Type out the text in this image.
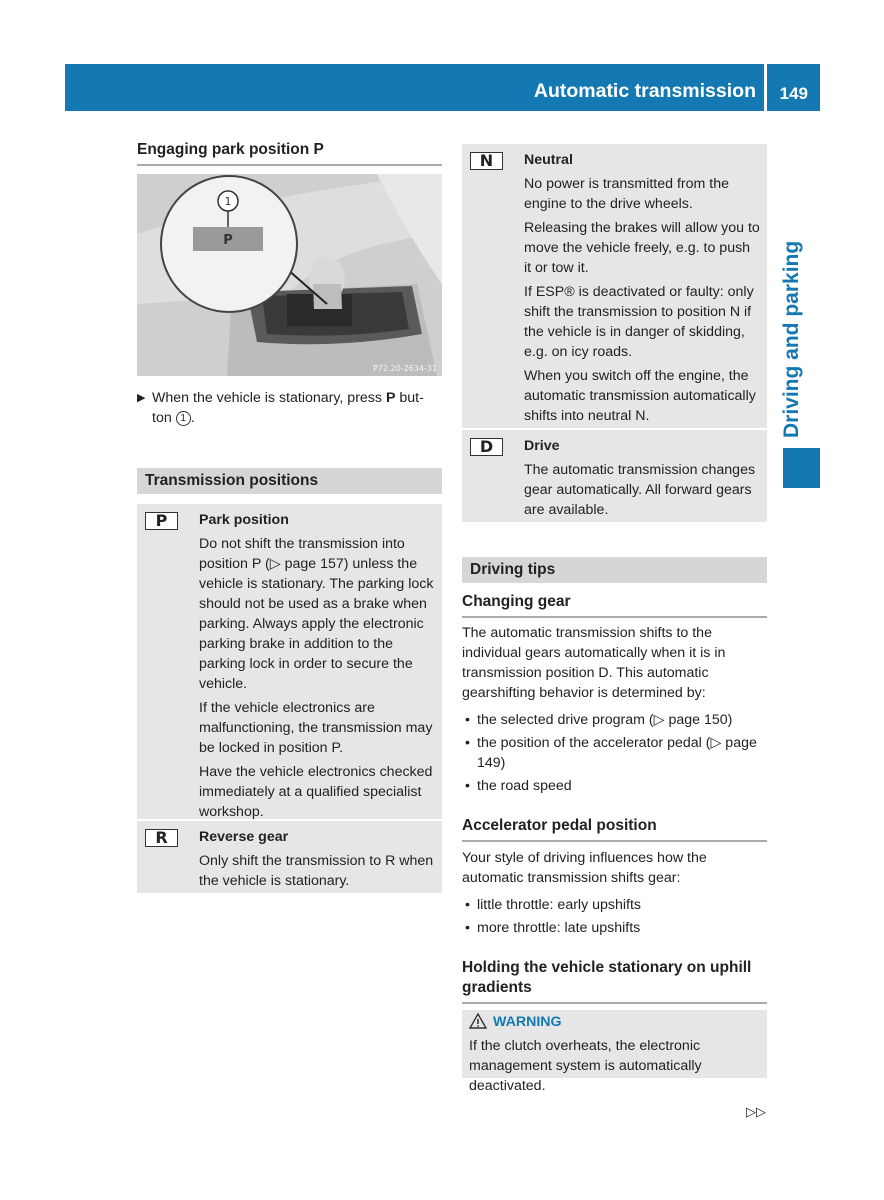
Automatic transmission 149
Driving and parking
Engaging park position P
P
1
P72.20-2634-31
▶ When the vehicle is stationary, press P but-
ton 1 .
Transmission positions
P	Park position

Do not shift the transmission into position P (▷ page 157) unless the vehicle is stationary. The parking lock should not be used as a brake when parking. Always apply the electronic parking brake in addition to the parking lock in order to secure the vehicle.

If the vehicle electronics are malfunctioning, the transmission may be locked in position P.

Have the vehicle electronics checked immediately at a qualified specialist workshop.

R	Reverse gear

Only shift the transmission to R when the vehicle is stationary.

N	Neutral

No power is transmitted from the engine to the drive wheels.

Releasing the brakes will allow you to move the vehicle freely, e.g. to push it or tow it.

If ESP® is deactivated or faulty: only shift the transmission to position N if the vehicle is in danger of skidding, e.g. on icy roads.

When you switch off the engine, the automatic transmission automatically shifts into neutral N.

D	Drive

The automatic transmission changes gear automatically. All forward gears are available.

Driving tips
Changing gear

The automatic transmission shifts to the individual gears automatically when it is in transmission position D. This automatic gearshifting behavior is determined by:

• the selected drive program (▷ page 150)
• the position of the accelerator pedal (▷ page 149)
• the road speed
Accelerator pedal position

Your style of driving influences how the automatic transmission shifts gear:

• little throttle: early upshifts
• more throttle: late upshifts
Holding the vehicle stationary on uphill gradients
WARNING
If the clutch overheats, the electronic management system is automatically deactivated.
▷▷
